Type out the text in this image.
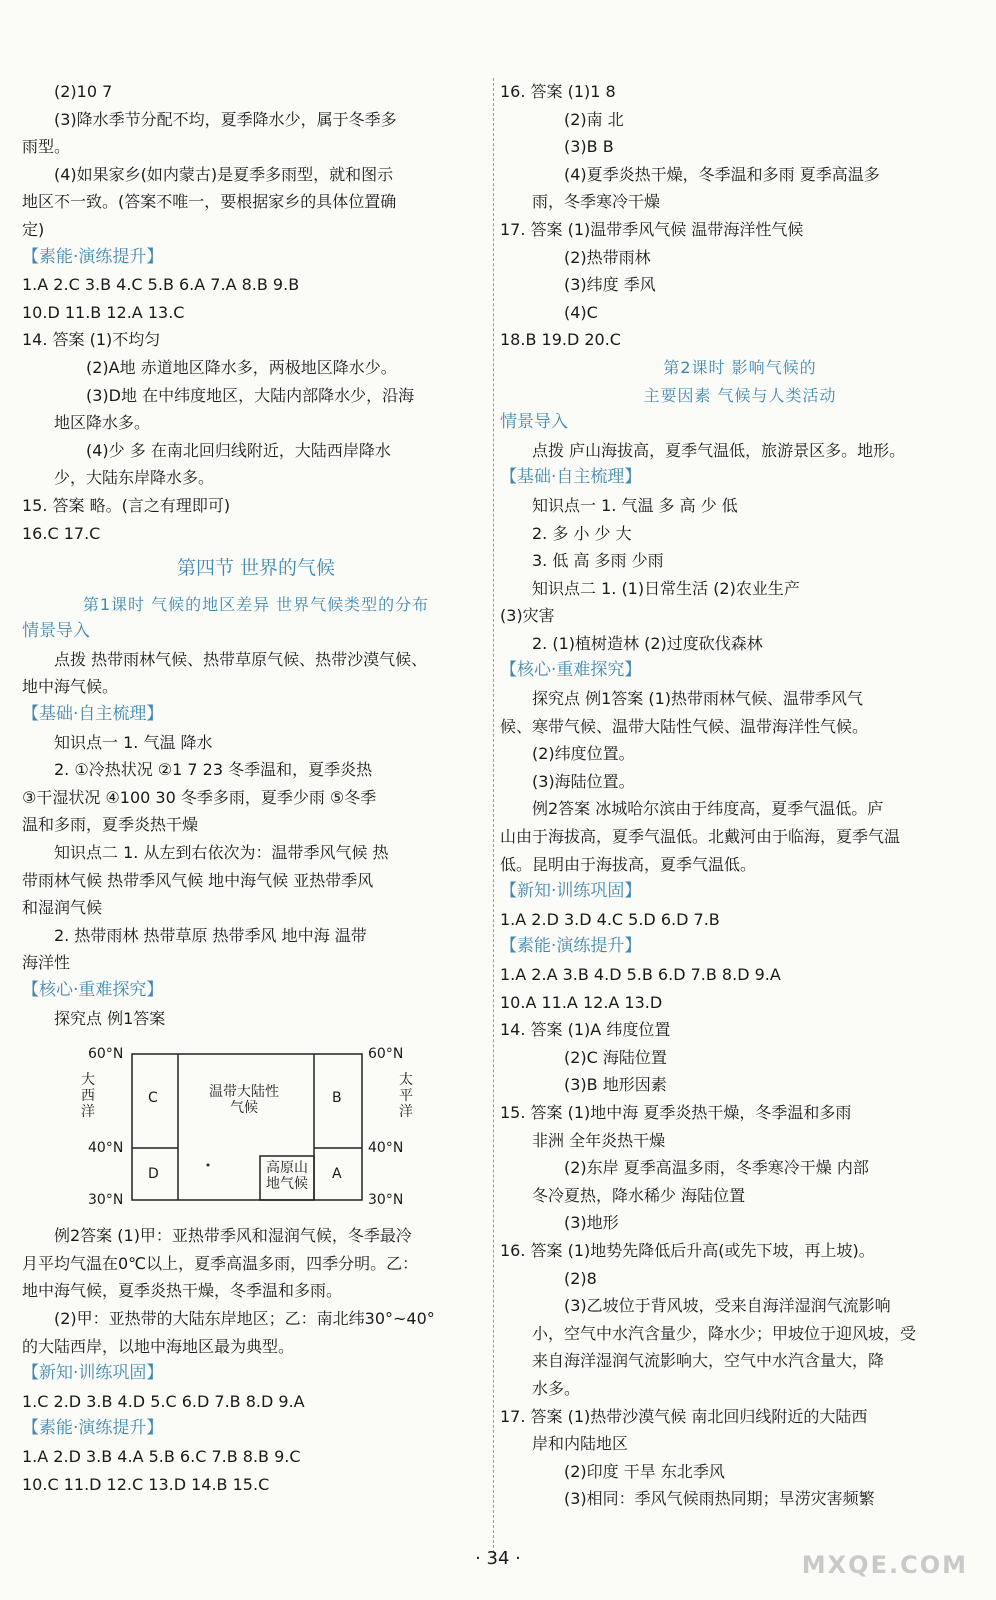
(2)10 7
(3)降水季节分配不均，夏季降水少，属于冬季多
雨型。
(4)如果家乡(如内蒙古)是夏季多雨型，就和图示
地区不一致。(答案不唯一，要根据家乡的具体位置确
定)
【素能·演练提升】
1.A 2.C 3.B 4.C 5.B 6.A 7.A 8.B 9.B
10.D 11.B 12.A 13.C
14. 答案 (1)不均匀
(2)A地 赤道地区降水多，两极地区降水少。
(3)D地 在中纬度地区，大陆内部降水少，沿海
地区降水多。
(4)少 多 在南北回归线附近，大陆西岸降水
少，大陆东岸降水多。
15. 答案 略。(言之有理即可)
16.C 17.C
第四节 世界的气候
第1课时 气候的地区差异 世界气候类型的分布
情景导入
点拨 热带雨林气候、热带草原气候、热带沙漠气候、
地中海气候。
【基础·自主梳理】
知识点一 1. 气温 降水
2. ①冷热状况 ②1 7 23 冬季温和，夏季炎热
③干湿状况 ④100 30 冬季多雨，夏季少雨 ⑤冬季
温和多雨，夏季炎热干燥
知识点二 1. 从左到右依次为：温带季风气候 热
带雨林气候 热带季风气候 地中海气候 亚热带季风
和湿润气候
2. 热带雨林 热带草原 热带季风 地中海 温带
海洋性
【核心·重难探究】
探究点 例1答案
60°N	60°N
40°N	40°N
30°N	30°N
大西洋
太平洋
C	B
D	A
温带大陆性气候
高原山地气候
例2答案 (1)甲：亚热带季风和湿润气候，冬季最冷
月平均气温在0℃以上，夏季高温多雨，四季分明。乙：
地中海气候，夏季炎热干燥，冬季温和多雨。
(2)甲：亚热带的大陆东岸地区；乙：南北纬30°~40°
的大陆西岸，以地中海地区最为典型。
【新知·训练巩固】
1.C 2.D 3.B 4.D 5.C 6.D 7.B 8.D 9.A
【素能·演练提升】
1.A 2.D 3.B 4.A 5.B 6.C 7.B 8.B 9.C
10.C 11.D 12.C 13.D 14.B 15.C
16. 答案 (1)1 8
(2)南 北
(3)B B
(4)夏季炎热干燥，冬季温和多雨 夏季高温多
雨，冬季寒冷干燥
17. 答案 (1)温带季风气候 温带海洋性气候
(2)热带雨林
(3)纬度 季风
(4)C
18.B 19.D 20.C
第2课时 影响气候的
主要因素 气候与人类活动
情景导入
点拨 庐山海拔高，夏季气温低，旅游景区多。地形。
【基础·自主梳理】
知识点一 1. 气温 多 高 少 低
2. 多 小 少 大
3. 低 高 多雨 少雨
知识点二 1. (1)日常生活 (2)农业生产
(3)灾害
2. (1)植树造林 (2)过度砍伐森林
【核心·重难探究】
探究点 例1答案 (1)热带雨林气候、温带季风气
候、寒带气候、温带大陆性气候、温带海洋性气候。
(2)纬度位置。
(3)海陆位置。
例2答案 冰城哈尔滨由于纬度高，夏季气温低。庐
山由于海拔高，夏季气温低。北戴河由于临海，夏季气温
低。昆明由于海拔高，夏季气温低。
【新知·训练巩固】
1.A 2.D 3.D 4.C 5.D 6.D 7.B
【素能·演练提升】
1.A 2.A 3.B 4.D 5.B 6.D 7.B 8.D 9.A
10.A 11.A 12.A 13.D
14. 答案 (1)A 纬度位置
(2)C 海陆位置
(3)B 地形因素
15. 答案 (1)地中海 夏季炎热干燥，冬季温和多雨
非洲 全年炎热干燥
(2)东岸 夏季高温多雨，冬季寒冷干燥 内部
冬冷夏热，降水稀少 海陆位置
(3)地形
16. 答案 (1)地势先降低后升高(或先下坡，再上坡)。
(2)8
(3)乙坡位于背风坡，受来自海洋湿润气流影响
小，空气中水汽含量少，降水少；甲坡位于迎风坡，受
来自海洋湿润气流影响大，空气中水汽含量大，降
水多。
17. 答案 (1)热带沙漠气候 南北回归线附近的大陆西
岸和内陆地区
(2)印度 干旱 东北季风
(3)相同：季风气候雨热同期；旱涝灾害频繁
· 34 ·	MXQE.COM
